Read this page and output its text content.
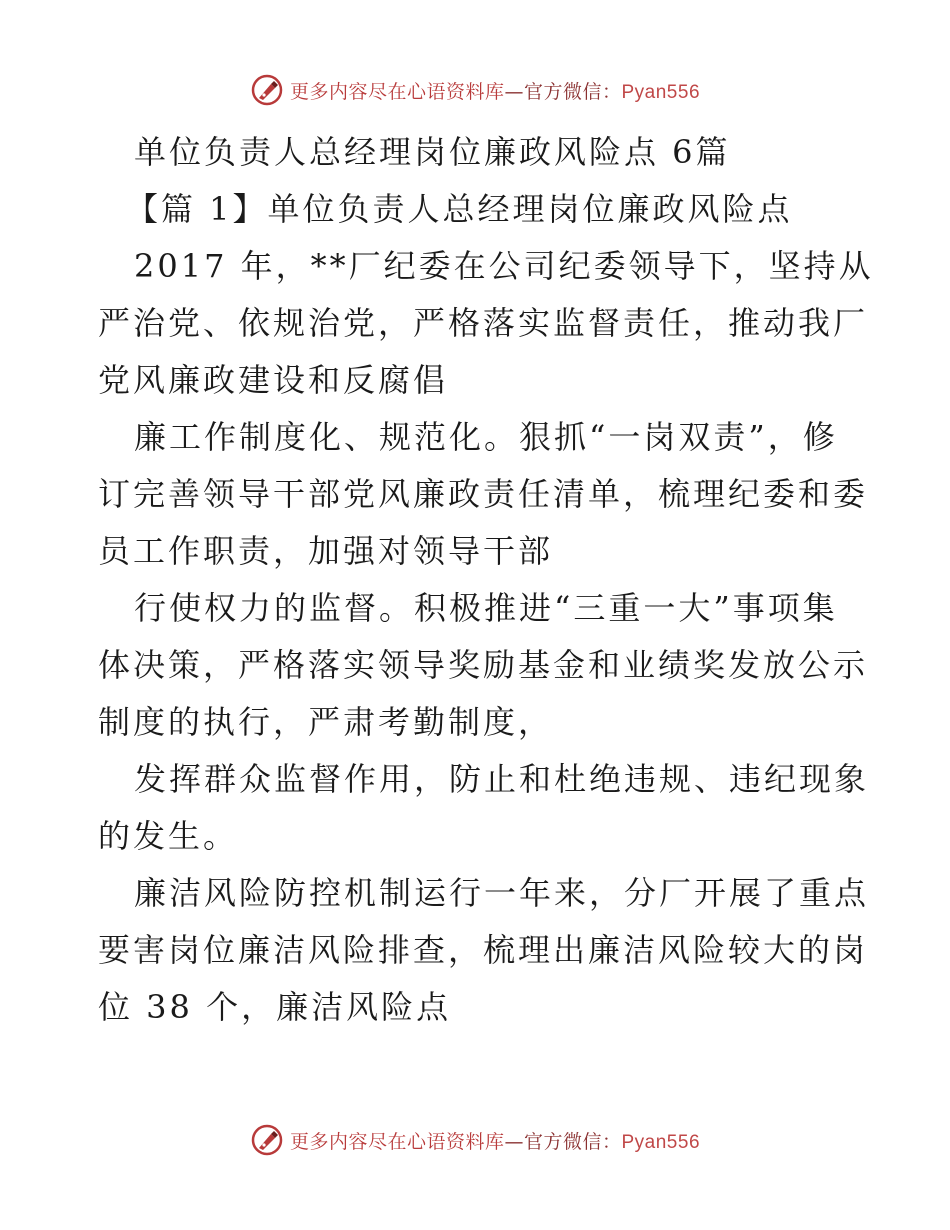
更多内容尽在心语资料库—官方微信：Pyan556
单位负责人总经理岗位廉政风险点 6篇
【篇 1】单位负责人总经理岗位廉政风险点
2017 年，**厂纪委在公司纪委领导下，坚持从
严治党、依规治党，严格落实监督责任，推动我厂
党风廉政建设和反腐倡
廉工作制度化、规范化。狠抓“一岗双责”，修
订完善领导干部党风廉政责任清单，梳理纪委和委
员工作职责，加强对领导干部
行使权力的监督。积极推进“三重一大”事项集
体决策，严格落实领导奖励基金和业绩奖发放公示
制度的执行，严肃考勤制度，
发挥群众监督作用，防止和杜绝违规、违纪现象
的发生。
廉洁风险防控机制运行一年来，分厂开展了重点
要害岗位廉洁风险排查，梳理出廉洁风险较大的岗
位 38 个，廉洁风险点
更多内容尽在心语资料库—官方微信：Pyan556
